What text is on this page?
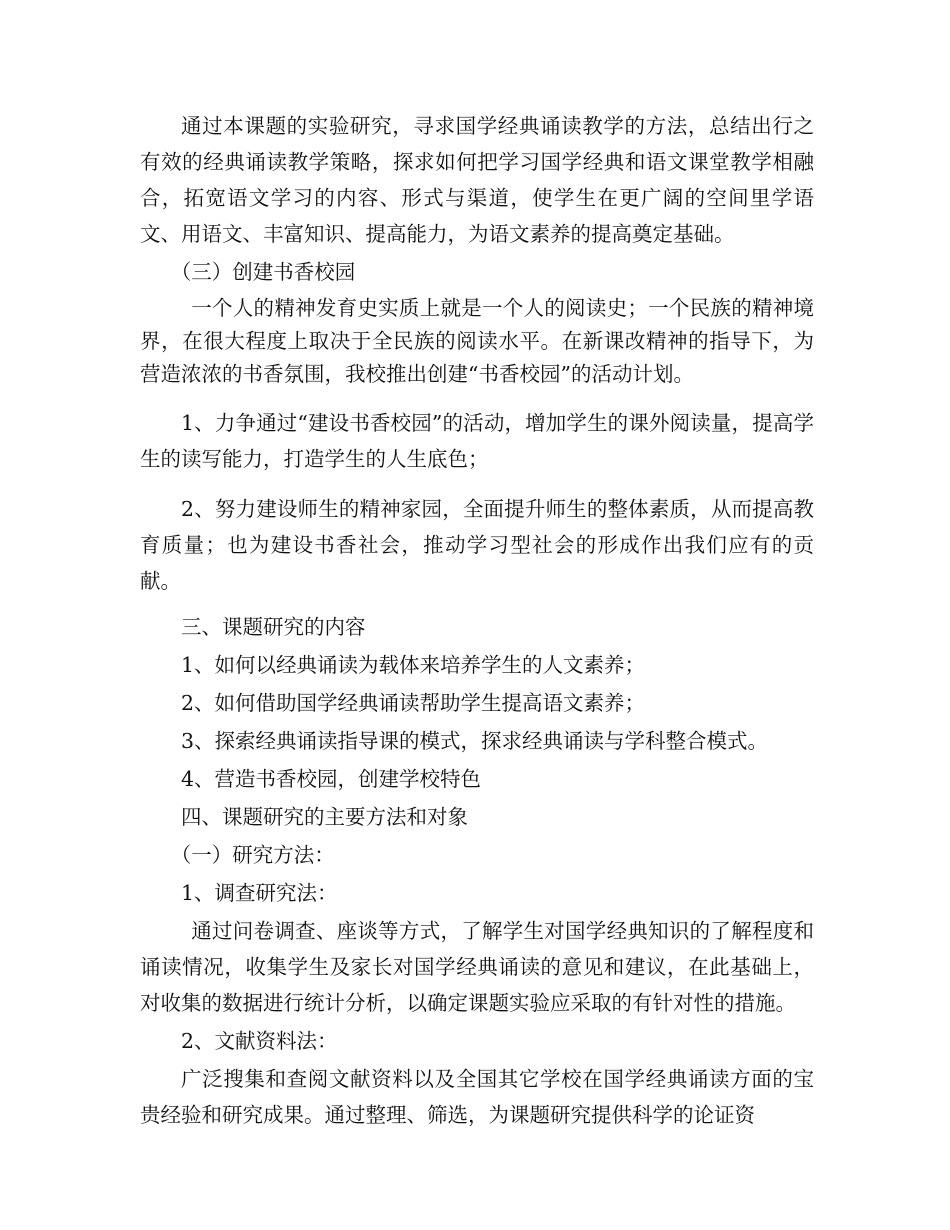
通过本课题的实验研究，寻求国学经典诵读教学的方法，总结出行之有效的经典诵读教学策略，探求如何把学习国学经典和语文课堂教学相融合，拓宽语文学习的内容、形式与渠道，使学生在更广阔的空间里学语文、用语文、丰富知识、提高能力，为语文素养的提高奠定基础。

（三）创建书香校园

一个人的精神发育史实质上就是一个人的阅读史；一个民族的精神境界，在很大程度上取决于全民族的阅读水平。在新课改精神的指导下，为营造浓浓的书香氛围，我校推出创建“书香校园”的活动计划。

1、力争通过“建设书香校园”的活动，增加学生的课外阅读量，提高学生的读写能力，打造学生的人生底色；

2、努力建设师生的精神家园，全面提升师生的整体素质，从而提高教育质量；也为建设书香社会，推动学习型社会的形成作出我们应有的贡献。

三、课题研究的内容

1、如何以经典诵读为载体来培养学生的人文素养；

2、如何借助国学经典诵读帮助学生提高语文素养；

3、探索经典诵读指导课的模式，探求经典诵读与学科整合模式。

4、营造书香校园，创建学校特色

四、课题研究的主要方法和对象

（一）研究方法：

1、调查研究法：

通过问卷调查、座谈等方式，了解学生对国学经典知识的了解程度和诵读情况，收集学生及家长对国学经典诵读的意见和建议，在此基础上，对收集的数据进行统计分析，以确定课题实验应采取的有针对性的措施。

2、文献资料法：

广泛搜集和查阅文献资料以及全国其它学校在国学经典诵读方面的宝贵经验和研究成果。通过整理、筛选，为课题研究提供科学的论证资
